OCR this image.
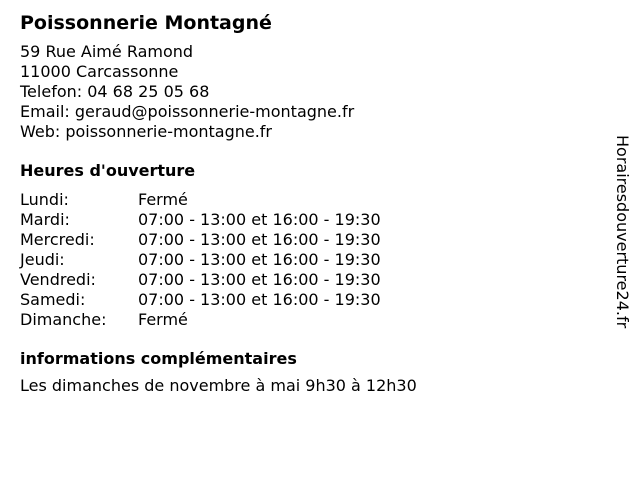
Poissonnerie Montagné
59 Rue Aimé Ramond
11000 Carcassonne
Telefon: 04 68 25 05 68
Email: geraud@poissonnerie-montagne.fr
Web: poissonnerie-montagne.fr
Heures d'ouverture
Lundi:	Fermé
Mardi:	07:00 - 13:00 et 16:00 - 19:30
Mercredi:	07:00 - 13:00 et 16:00 - 19:30
Jeudi:	07:00 - 13:00 et 16:00 - 19:30
Vendredi:	07:00 - 13:00 et 16:00 - 19:30
Samedi:	07:00 - 13:00 et 16:00 - 19:30
Dimanche:	Fermé
informations complémentaires
Les dimanches de novembre à mai 9h30 à 12h30
Horairesdouverture24.fr
